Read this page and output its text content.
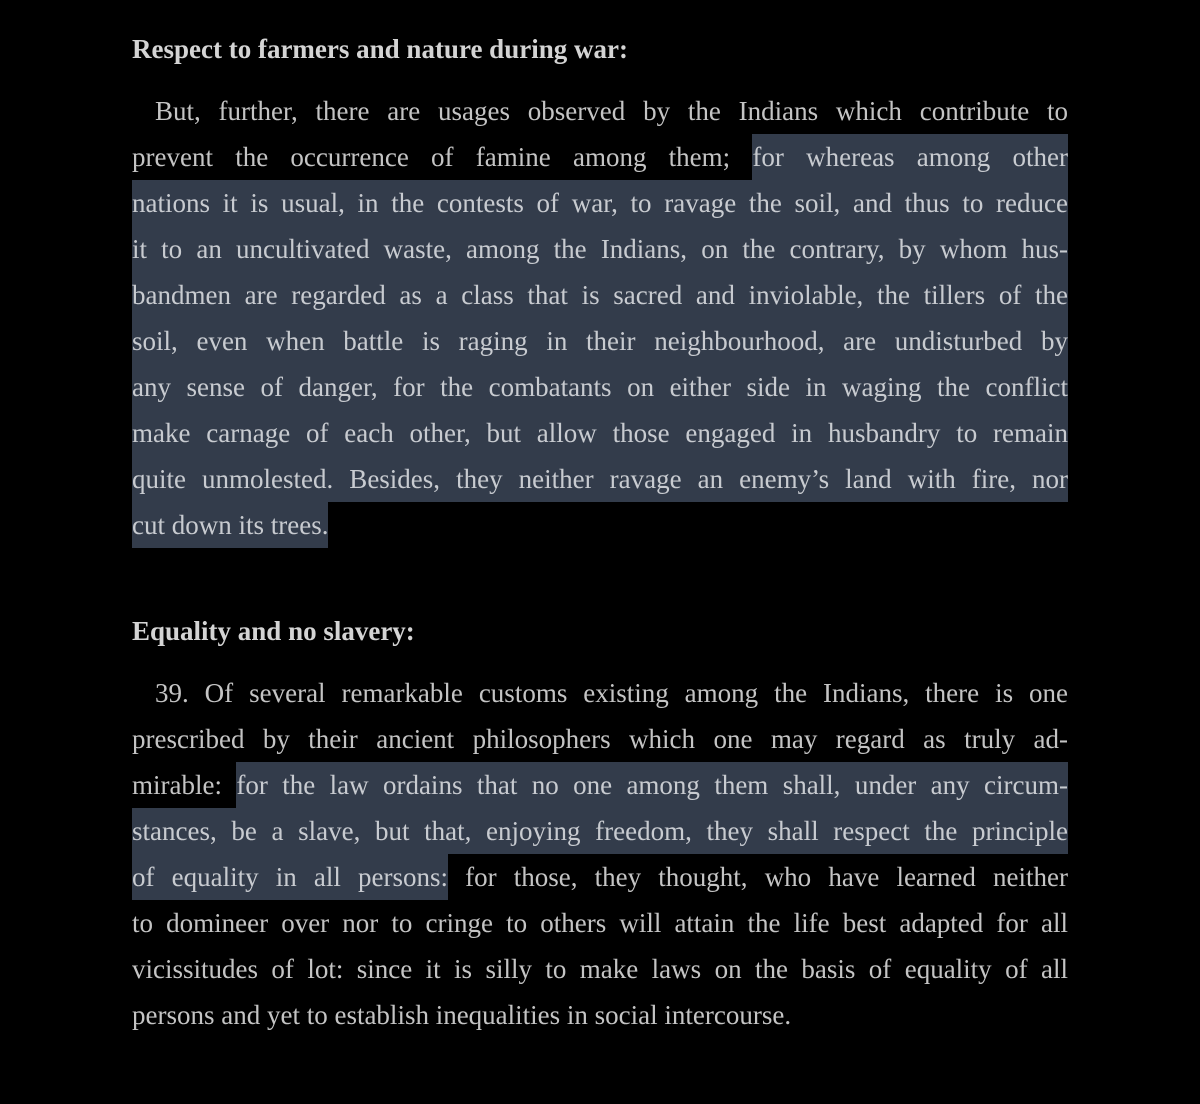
Respect to farmers and nature during war:
But, further, there are usages observed by the Indians which contribute to
prevent the occurrence of famine among them; for whereas among other
nations it is usual, in the contests of war, to ravage the soil, and thus to reduce
it to an uncultivated waste, among the Indians, on the contrary, by whom hus-
bandmen are regarded as a class that is sacred and inviolable, the tillers of the
soil, even when battle is raging in their neighbourhood, are undisturbed by
any sense of danger, for the combatants on either side in waging the conflict
make carnage of each other, but allow those engaged in husbandry to remain
quite unmolested. Besides, they neither ravage an enemy’s land with fire, nor
cut down its trees.
Equality and no slavery:
39. Of several remarkable customs existing among the Indians, there is one
prescribed by their ancient philosophers which one may regard as truly ad-
mirable: for the law ordains that no one among them shall, under any circum-
stances, be a slave, but that, enjoying freedom, they shall respect the principle
of equality in all persons: for those, they thought, who have learned neither
to domineer over nor to cringe to others will attain the life best adapted for all
vicissitudes of lot: since it is silly to make laws on the basis of equality of all
persons and yet to establish inequalities in social intercourse.
